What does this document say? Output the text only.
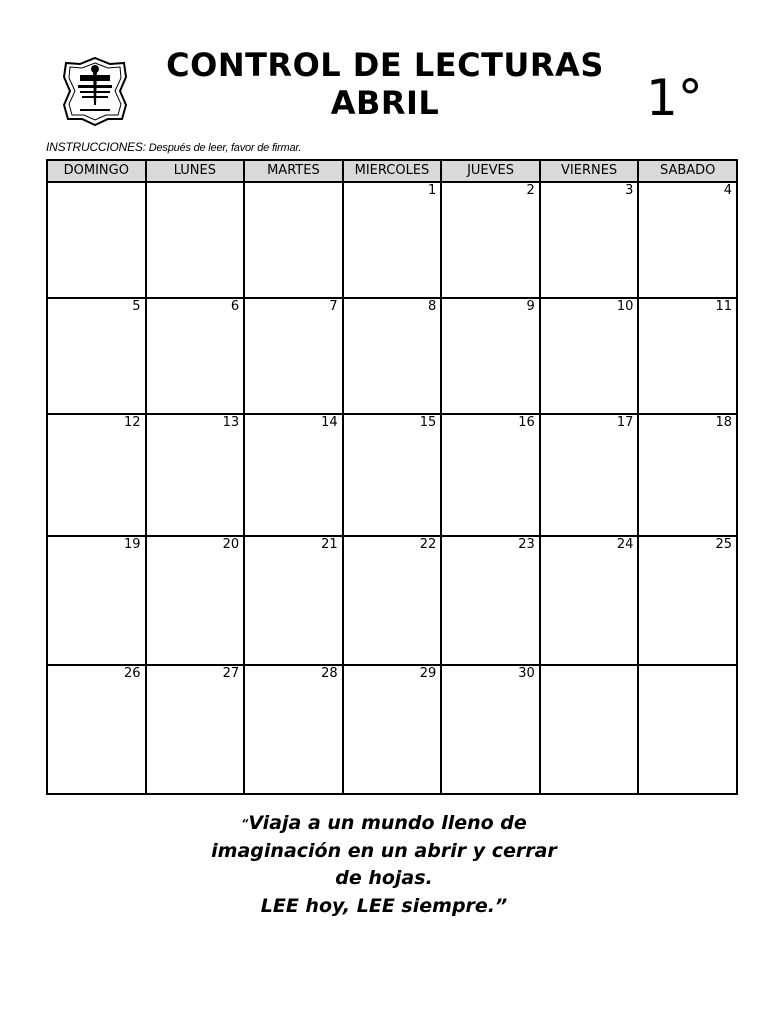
CONTROL DE LECTURAS
ABRIL	1°
INSTRUCCIONES: Después de leer, favor de firmar.
DOMINGO	LUNES	MARTES	MIERCOLES	JUEVES	VIERNES	SABADO
			1	2	3	4
5	6	7	8	9	10	11
12	13	14	15	16	17	18
19	20	21	22	23	24	25
26	27	28	29	30		
“Viaja a un mundo lleno de
imaginación en un abrir y cerrar
de hojas.
LEE hoy, LEE siempre.”
